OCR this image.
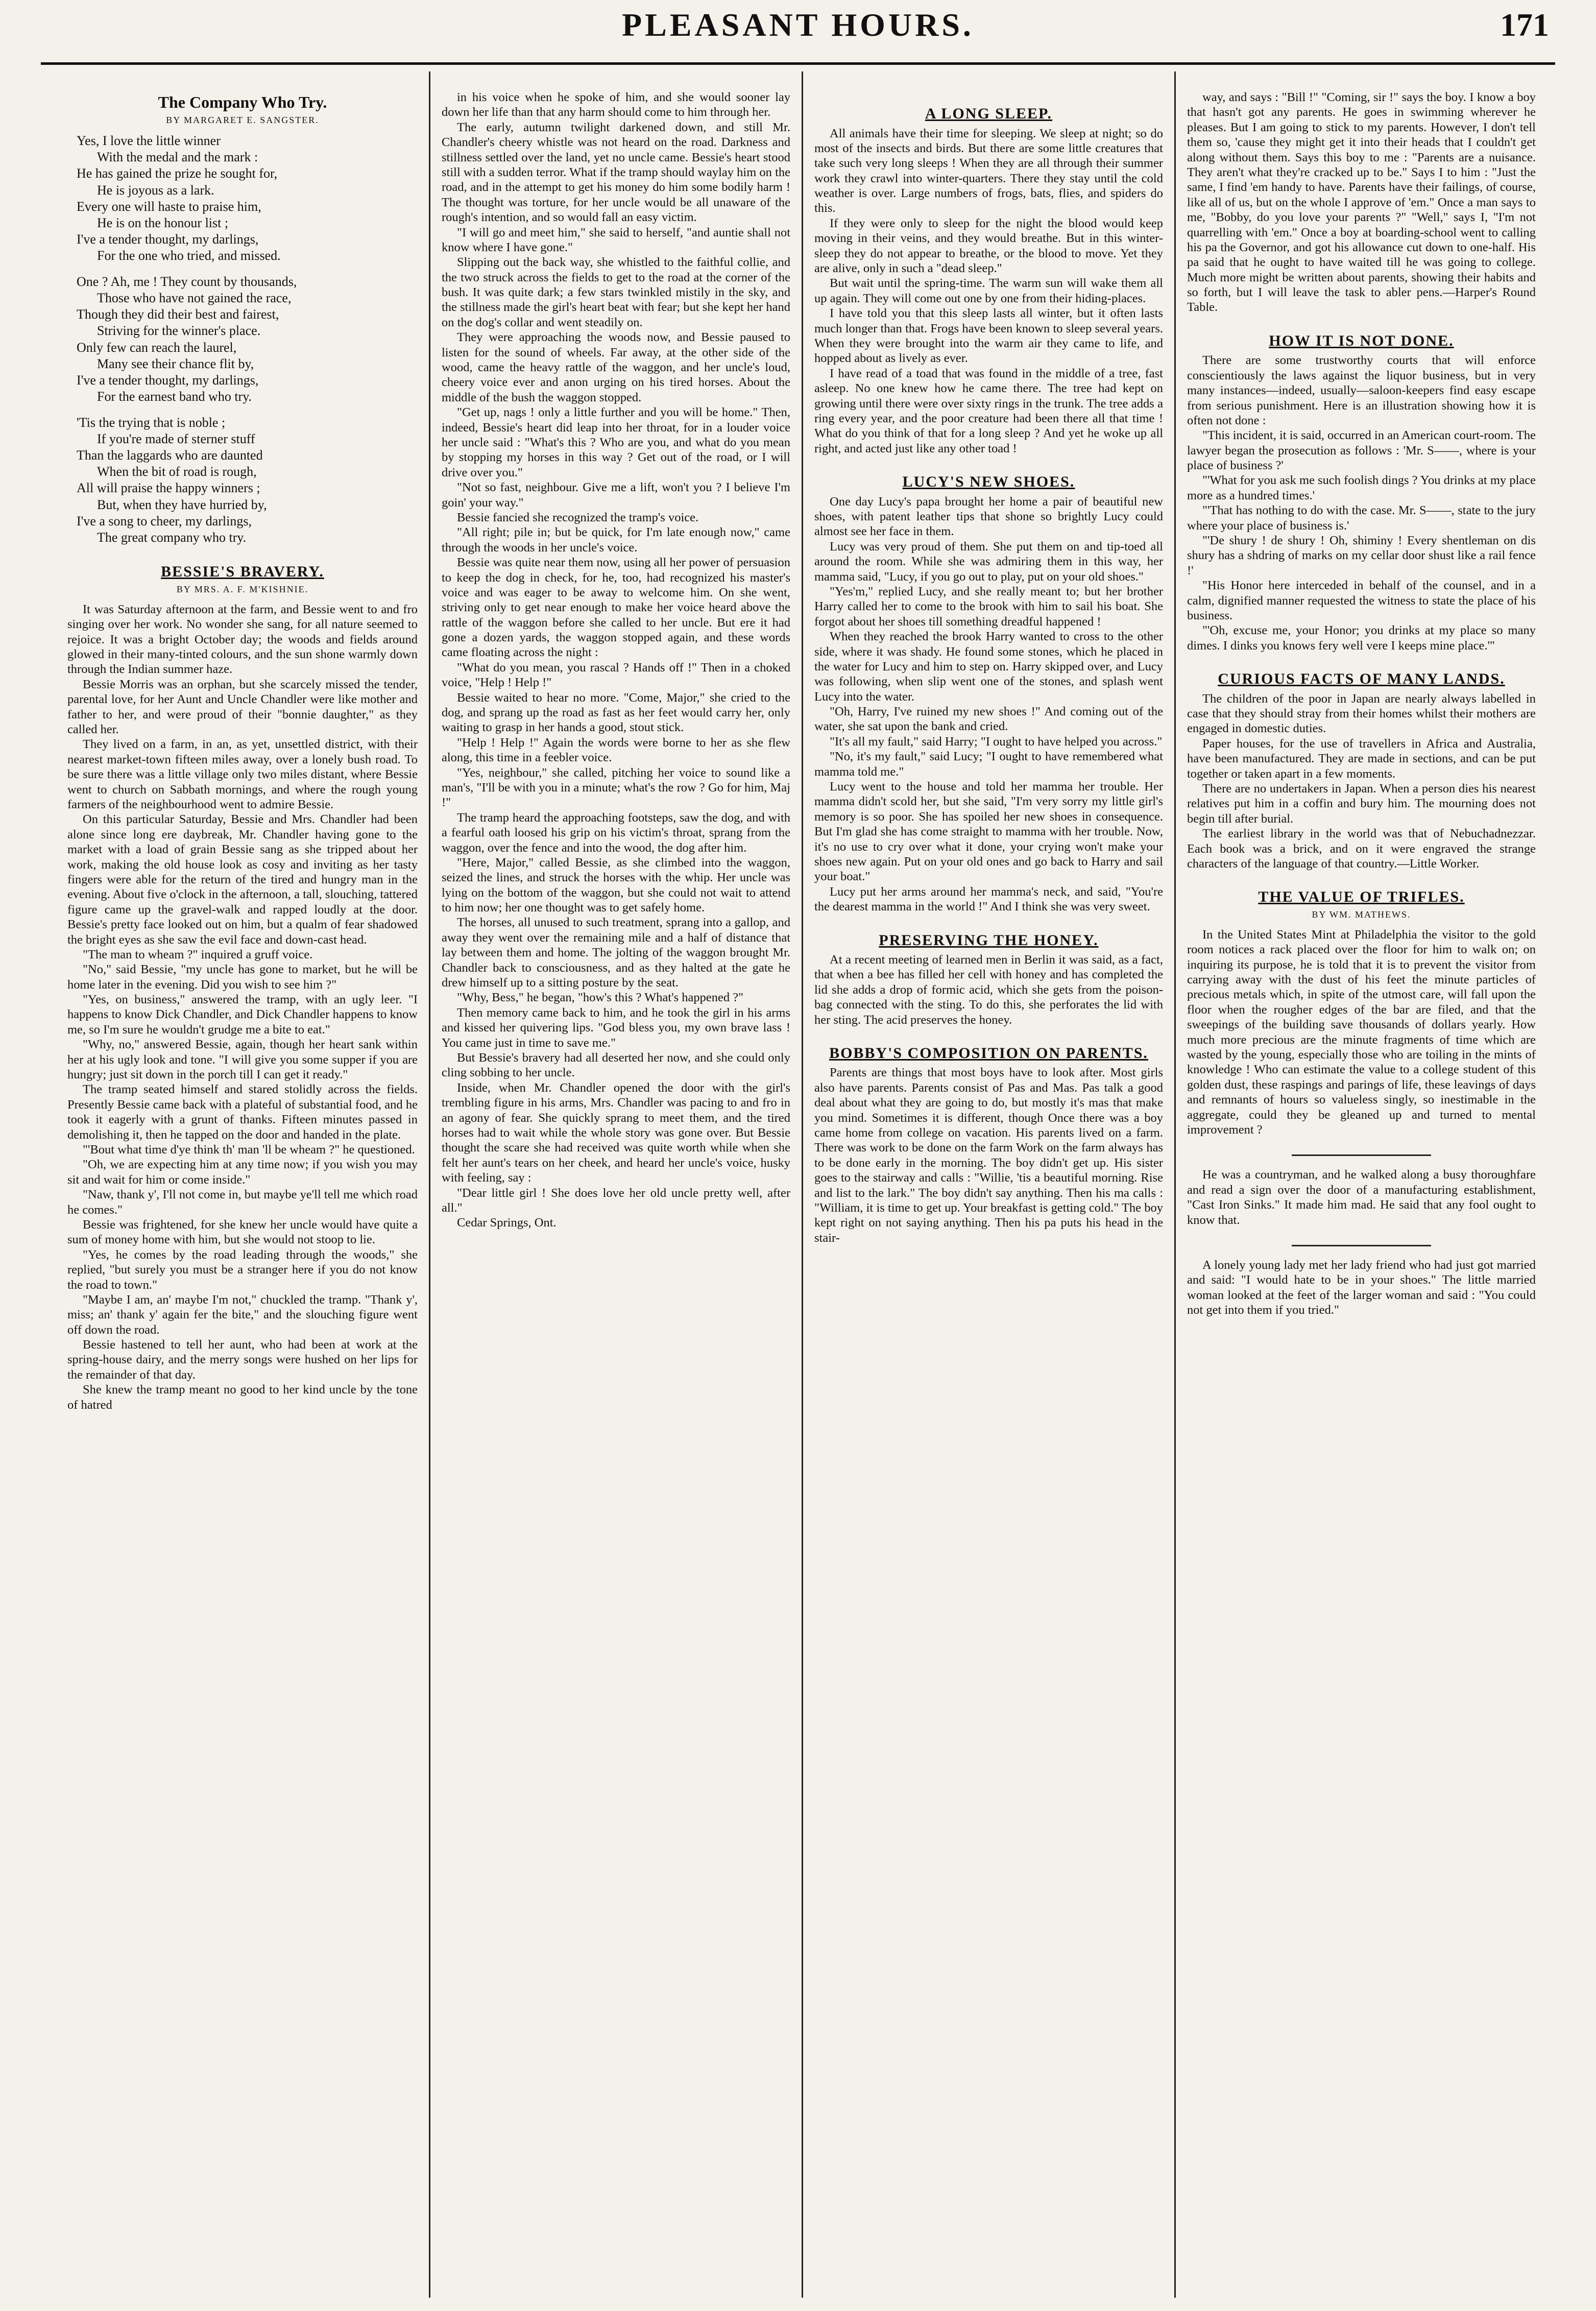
PLEASANT HOURS.	171
The Company Who Try.
BY MARGARET E. SANGSTER.
Yes, I love the little winner
With the medal and the mark :
He has gained the prize he sought for,
He is joyous as a lark.
Every one will haste to praise him,
He is on the honour list ;
I've a tender thought, my darlings,
For the one who tried, and missed.
One ? Ah, me ! They count by thousands,
Those who have not gained the race,
Though they did their best and fairest,
Striving for the winner's place.
Only few can reach the laurel,
Many see their chance flit by,
I've a tender thought, my darlings,
For the earnest band who try.
'Tis the trying that is noble ;
If you're made of sterner stuff
Than the laggards who are daunted
When the bit of road is rough,
All will praise the happy winners ;
But, when they have hurried by,
I've a song to cheer, my darlings,
The great company who try.
BESSIE'S BRAVERY.
BY MRS. A. F. M'KISHNIE.

It was Saturday afternoon at the farm, and Bessie went to and fro singing over her work. No wonder she sang, for all nature seemed to rejoice. It was a bright October day; the woods and fields around glowed in their many-tinted colours, and the sun shone warmly down through the Indian summer haze.

Bessie Morris was an orphan, but she scarcely missed the tender, parental love, for her Aunt and Uncle Chandler were like mother and father to her, and were proud of their "bonnie daughter," as they called her.

They lived on a farm, in an, as yet, unsettled district, with their nearest market-town fifteen miles away, over a lonely bush road. To be sure there was a little village only two miles distant, where Bessie went to church on Sabbath mornings, and where the rough young farmers of the neighbourhood went to admire Bessie.

On this particular Saturday, Bessie and Mrs. Chandler had been alone since long ere daybreak, Mr. Chandler having gone to the market with a load of grain Bessie sang as she tripped about her work, making the old house look as cosy and inviting as her tasty fingers were able for the return of the tired and hungry man in the evening. About five o'clock in the afternoon, a tall, slouching, tattered figure came up the gravel-walk and rapped loudly at the door. Bessie's pretty face looked out on him, but a qualm of fear shadowed the bright eyes as she saw the evil face and down-cast head.

"The man to wheam ?" inquired a gruff voice.

"No," said Bessie, "my uncle has gone to market, but he will be home later in the evening. Did you wish to see him ?"

"Yes, on business," answered the tramp, with an ugly leer. "I happens to know Dick Chandler, and Dick Chandler happens to know me, so I'm sure he wouldn't grudge me a bite to eat."

"Why, no," answered Bessie, again, though her heart sank within her at his ugly look and tone. "I will give you some supper if you are hungry; just sit down in the porch till I can get it ready."

The tramp seated himself and stared stolidly across the fields. Presently Bessie came back with a plateful of substantial food, and he took it eagerly with a grunt of thanks. Fifteen minutes passed in demolishing it, then he tapped on the door and handed in the plate.

"'Bout what time d'ye think th' man 'll be wheam ?" he questioned.

"Oh, we are expecting him at any time now; if you wish you may sit and wait for him or come inside."

"Naw, thank y', I'll not come in, but maybe ye'll tell me which road he comes."

Bessie was frightened, for she knew her uncle would have quite a sum of money home with him, but she would not stoop to lie.

"Yes, he comes by the road leading through the woods," she replied, "but surely you must be a stranger here if you do not know the road to town."

"Maybe I am, an' maybe I'm not," chuckled the tramp. "Thank y', miss; an' thank y' again fer the bite," and the slouching figure went off down the road.

Bessie hastened to tell her aunt, who had been at work at the spring-house dairy, and the merry songs were hushed on her lips for the remainder of that day.

She knew the tramp meant no good to her kind uncle by the tone of hatred

in his voice when he spoke of him, and she would sooner lay down her life than that any harm should come to him through her.

The early, autumn twilight darkened down, and still Mr. Chandler's cheery whistle was not heard on the road. Darkness and stillness settled over the land, yet no uncle came. Bessie's heart stood still with a sudden terror. What if the tramp should waylay him on the road, and in the attempt to get his money do him some bodily harm ! The thought was torture, for her uncle would be all unaware of the rough's intention, and so would fall an easy victim.

"I will go and meet him," she said to herself, "and auntie shall not know where I have gone."

Slipping out the back way, she whistled to the faithful collie, and the two struck across the fields to get to the road at the corner of the bush. It was quite dark; a few stars twinkled mistily in the sky, and the stillness made the girl's heart beat with fear; but she kept her hand on the dog's collar and went steadily on.

They were approaching the woods now, and Bessie paused to listen for the sound of wheels. Far away, at the other side of the wood, came the heavy rattle of the waggon, and her uncle's loud, cheery voice ever and anon urging on his tired horses. About the middle of the bush the waggon stopped.

"Get up, nags ! only a little further and you will be home." Then, indeed, Bessie's heart did leap into her throat, for in a louder voice her uncle said : "What's this ? Who are you, and what do you mean by stopping my horses in this way ? Get out of the road, or I will drive over you."

"Not so fast, neighbour. Give me a lift, won't you ? I believe I'm goin' your way."

Bessie fancied she recognized the tramp's voice.

"All right; pile in; but be quick, for I'm late enough now," came through the woods in her uncle's voice.

Bessie was quite near them now, using all her power of persuasion to keep the dog in check, for he, too, had recognized his master's voice and was eager to be away to welcome him. On she went, striving only to get near enough to make her voice heard above the rattle of the waggon before she called to her uncle. But ere it had gone a dozen yards, the waggon stopped again, and these words came floating across the night :

"What do you mean, you rascal ? Hands off !" Then in a choked voice, "Help ! Help !"

Bessie waited to hear no more. "Come, Major," she cried to the dog, and sprang up the road as fast as her feet would carry her, only waiting to grasp in her hands a good, stout stick.

"Help ! Help !" Again the words were borne to her as she flew along, this time in a feebler voice.

"Yes, neighbour," she called, pitching her voice to sound like a man's, "I'll be with you in a minute; what's the row ? Go for him, Maj !"

The tramp heard the approaching footsteps, saw the dog, and with a fearful oath loosed his grip on his victim's throat, sprang from the waggon, over the fence and into the wood, the dog after him.

"Here, Major," called Bessie, as she climbed into the waggon, seized the lines, and struck the horses with the whip. Her uncle was lying on the bottom of the waggon, but she could not wait to attend to him now; her one thought was to get safely home.

The horses, all unused to such treatment, sprang into a gallop, and away they went over the remaining mile and a half of distance that lay between them and home. The jolting of the waggon brought Mr. Chandler back to consciousness, and as they halted at the gate he drew himself up to a sitting posture by the seat.

"Why, Bess," he began, "how's this ? What's happened ?"

Then memory came back to him, and he took the girl in his arms and kissed her quivering lips. "God bless you, my own brave lass ! You came just in time to save me."

But Bessie's bravery had all deserted her now, and she could only cling sobbing to her uncle.

Inside, when Mr. Chandler opened the door with the girl's trembling figure in his arms, Mrs. Chandler was pacing to and fro in an agony of fear. She quickly sprang to meet them, and the tired horses had to wait while the whole story was gone over. But Bessie thought the scare she had received was quite worth while when she felt her aunt's tears on her cheek, and heard her uncle's voice, husky with feeling, say :

"Dear little girl ! She does love her old uncle pretty well, after all."

Cedar Springs, Ont.

A LONG SLEEP.

All animals have their time for sleeping. We sleep at night; so do most of the insects and birds. But there are some little creatures that take such very long sleeps ! When they are all through their summer work they crawl into winter-quarters. There they stay until the cold weather is over. Large numbers of frogs, bats, flies, and spiders do this.

If they were only to sleep for the night the blood would keep moving in their veins, and they would breathe. But in this winter-sleep they do not appear to breathe, or the blood to move. Yet they are alive, only in such a "dead sleep."

But wait until the spring-time. The warm sun will wake them all up again. They will come out one by one from their hiding-places.

I have told you that this sleep lasts all winter, but it often lasts much longer than that. Frogs have been known to sleep several years. When they were brought into the warm air they came to life, and hopped about as lively as ever.

I have read of a toad that was found in the middle of a tree, fast asleep. No one knew how he came there. The tree had kept on growing until there were over sixty rings in the trunk. The tree adds a ring every year, and the poor creature had been there all that time ! What do you think of that for a long sleep ? And yet he woke up all right, and acted just like any other toad !

LUCY'S NEW SHOES.

One day Lucy's papa brought her home a pair of beautiful new shoes, with patent leather tips that shone so brightly Lucy could almost see her face in them.

Lucy was very proud of them. She put them on and tip-toed all around the room. While she was admiring them in this way, her mamma said, "Lucy, if you go out to play, put on your old shoes."

"Yes'm," replied Lucy, and she really meant to; but her brother Harry called her to come to the brook with him to sail his boat. She forgot about her shoes till something dreadful happened !

When they reached the brook Harry wanted to cross to the other side, where it was shady. He found some stones, which he placed in the water for Lucy and him to step on. Harry skipped over, and Lucy was following, when slip went one of the stones, and splash went Lucy into the water.

"Oh, Harry, I've ruined my new shoes !" And coming out of the water, she sat upon the bank and cried.

"It's all my fault," said Harry; "I ought to have helped you across."

"No, it's my fault," said Lucy; "I ought to have remembered what mamma told me."

Lucy went to the house and told her mamma her trouble. Her mamma didn't scold her, but she said, "I'm very sorry my little girl's memory is so poor. She has spoiled her new shoes in consequence. But I'm glad she has come straight to mamma with her trouble. Now, it's no use to cry over what it done, your crying won't make your shoes new again. Put on your old ones and go back to Harry and sail your boat."

Lucy put her arms around her mamma's neck, and said, "You're the dearest mamma in the world !" And I think she was very sweet.

PRESERVING THE HONEY.

At a recent meeting of learned men in Berlin it was said, as a fact, that when a bee has filled her cell with honey and has completed the lid she adds a drop of formic acid, which she gets from the poison-bag connected with the sting. To do this, she perforates the lid with her sting. The acid preserves the honey.

BOBBY'S COMPOSITION ON PARENTS.

Parents are things that most boys have to look after. Most girls also have parents. Parents consist of Pas and Mas. Pas talk a good deal about what they are going to do, but mostly it's mas that make you mind. Sometimes it is different, though Once there was a boy came home from college on vacation. His parents lived on a farm. There was work to be done on the farm Work on the farm always has to be done early in the morning. The boy didn't get up. His sister goes to the stairway and calls : "Willie, 'tis a beautiful morning. Rise and list to the lark." The boy didn't say anything. Then his ma calls : "William, it is time to get up. Your breakfast is getting cold." The boy kept right on not saying anything. Then his pa puts his head in the stair-

way, and says : "Bill !" "Coming, sir !" says the boy. I know a boy that hasn't got any parents. He goes in swimming wherever he pleases. But I am going to stick to my parents. However, I don't tell them so, 'cause they might get it into their heads that I couldn't get along without them. Says this boy to me : "Parents are a nuisance. They aren't what they're cracked up to be." Says I to him : "Just the same, I find 'em handy to have. Parents have their failings, of course, like all of us, but on the whole I approve of 'em." Once a man says to me, "Bobby, do you love your parents ?" "Well," says I, "I'm not quarrelling with 'em." Once a boy at boarding-school went to calling his pa the Governor, and got his allowance cut down to one-half. His pa said that he ought to have waited till he was going to college. Much more might be written about parents, showing their habits and so forth, but I will leave the task to abler pens.—Harper's Round Table.

HOW IT IS NOT DONE.

There are some trustworthy courts that will enforce conscientiously the laws against the liquor business, but in very many instances—indeed, usually—saloon-keepers find easy escape from serious punishment. Here is an illustration showing how it is often not done :

"This incident, it is said, occurred in an American court-room. The lawyer began the prosecution as follows : 'Mr. S——, where is your place of business ?'

"'What for you ask me such foolish dings ? You drinks at my place more as a hundred times.'

"'That has nothing to do with the case. Mr. S——, state to the jury where your place of business is.'

"'De shury ! de shury ! Oh, shiminy ! Every shentleman on dis shury has a shdring of marks on my cellar door shust like a rail fence !'

"His Honor here interceded in behalf of the counsel, and in a calm, dignified manner requested the witness to state the place of his business.

"'Oh, excuse me, your Honor; you drinks at my place so many dimes. I dinks you knows fery well vere I keeps mine place.'"

CURIOUS FACTS OF MANY LANDS.

The children of the poor in Japan are nearly always labelled in case that they should stray from their homes whilst their mothers are engaged in domestic duties.

Paper houses, for the use of travellers in Africa and Australia, have been manufactured. They are made in sections, and can be put together or taken apart in a few moments.

There are no undertakers in Japan. When a person dies his nearest relatives put him in a coffin and bury him. The mourning does not begin till after burial.

The earliest library in the world was that of Nebuchadnezzar. Each book was a brick, and on it were engraved the strange characters of the language of that country.—Little Worker.

THE VALUE OF TRIFLES.
BY WM. MATHEWS.

In the United States Mint at Philadelphia the visitor to the gold room notices a rack placed over the floor for him to walk on; on inquiring its purpose, he is told that it is to prevent the visitor from carrying away with the dust of his feet the minute particles of precious metals which, in spite of the utmost care, will fall upon the floor when the rougher edges of the bar are filed, and that the sweepings of the building save thousands of dollars yearly. How much more precious are the minute fragments of time which are wasted by the young, especially those who are toiling in the mints of knowledge ! Who can estimate the value to a college student of this golden dust, these raspings and parings of life, these leavings of days and remnants of hours so valueless singly, so inestimable in the aggregate, could they be gleaned up and turned to mental improvement ?

He was a countryman, and he walked along a busy thoroughfare and read a sign over the door of a manufacturing establishment, "Cast Iron Sinks." It made him mad. He said that any fool ought to know that.

A lonely young lady met her lady friend who had just got married and said: "I would hate to be in your shoes." The little married woman looked at the feet of the larger woman and said : "You could not get into them if you tried."
